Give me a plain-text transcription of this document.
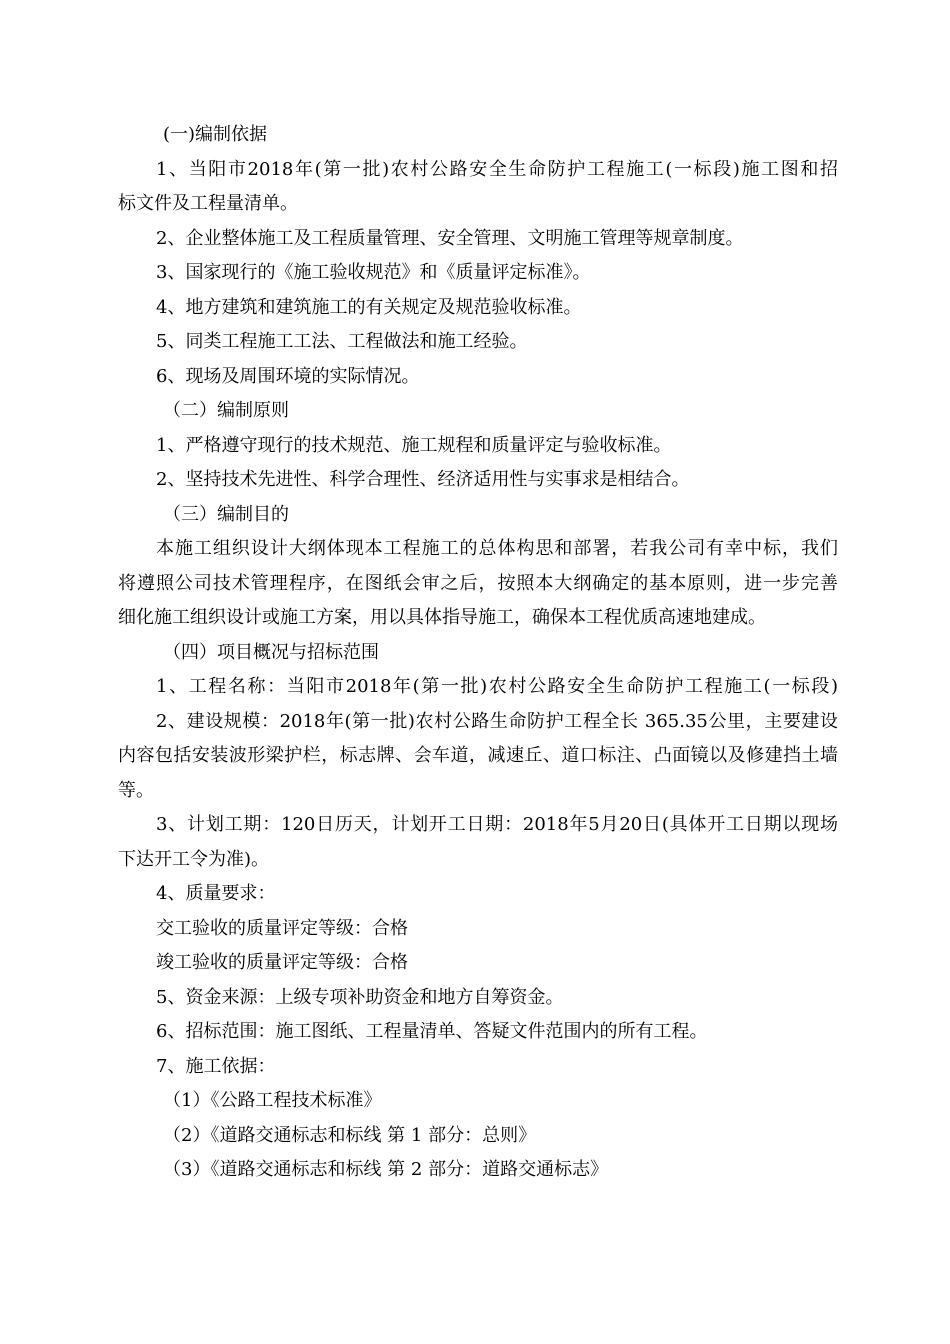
(一)编制依据
1、当阳市2018年(第一批)农村公路安全生命防护工程施工(一标段)施工图和招
标文件及工程量清单。
2、企业整体施工及工程质量管理、安全管理、文明施工管理等规章制度。
3、国家现行的《施工验收规范》和《质量评定标准》。
4、地方建筑和建筑施工的有关规定及规范验收标准。
5、同类工程施工工法、工程做法和施工经验。
6、现场及周围环境的实际情况。
（二）编制原则
1、严格遵守现行的技术规范、施工规程和质量评定与验收标准。
2、坚持技术先进性、科学合理性、经济适用性与实事求是相结合。
（三）编制目的
本施工组织设计大纲体现本工程施工的总体构思和部署，若我公司有幸中标，我们
将遵照公司技术管理程序，在图纸会审之后，按照本大纲确定的基本原则，进一步完善
细化施工组织设计或施工方案，用以具体指导施工，确保本工程优质高速地建成。
（四）项目概况与招标范围
1、工程名称：当阳市2018年(第一批)农村公路安全生命防护工程施工(一标段)
2、建设规模：2018年(第一批)农村公路生命防护工程全长 365.35公里，主要建设
内容包括安装波形梁护栏，标志牌、会车道，减速丘、道口标注、凸面镜以及修建挡土墙
等。
3、计划工期：120日历天，计划开工日期：2018年5月20日(具体开工日期以现场
下达开工令为准)。
4、质量要求：
交工验收的质量评定等级：合格
竣工验收的质量评定等级：合格
5、资金来源：上级专项补助资金和地方自筹资金。
6、招标范围：施工图纸、工程量清单、答疑文件范围内的所有工程。
7、施工依据：
（1）《公路工程技术标准》
（2）《道路交通标志和标线 第 1 部分：总则》
（3）《道路交通标志和标线 第 2 部分：道路交通标志》
